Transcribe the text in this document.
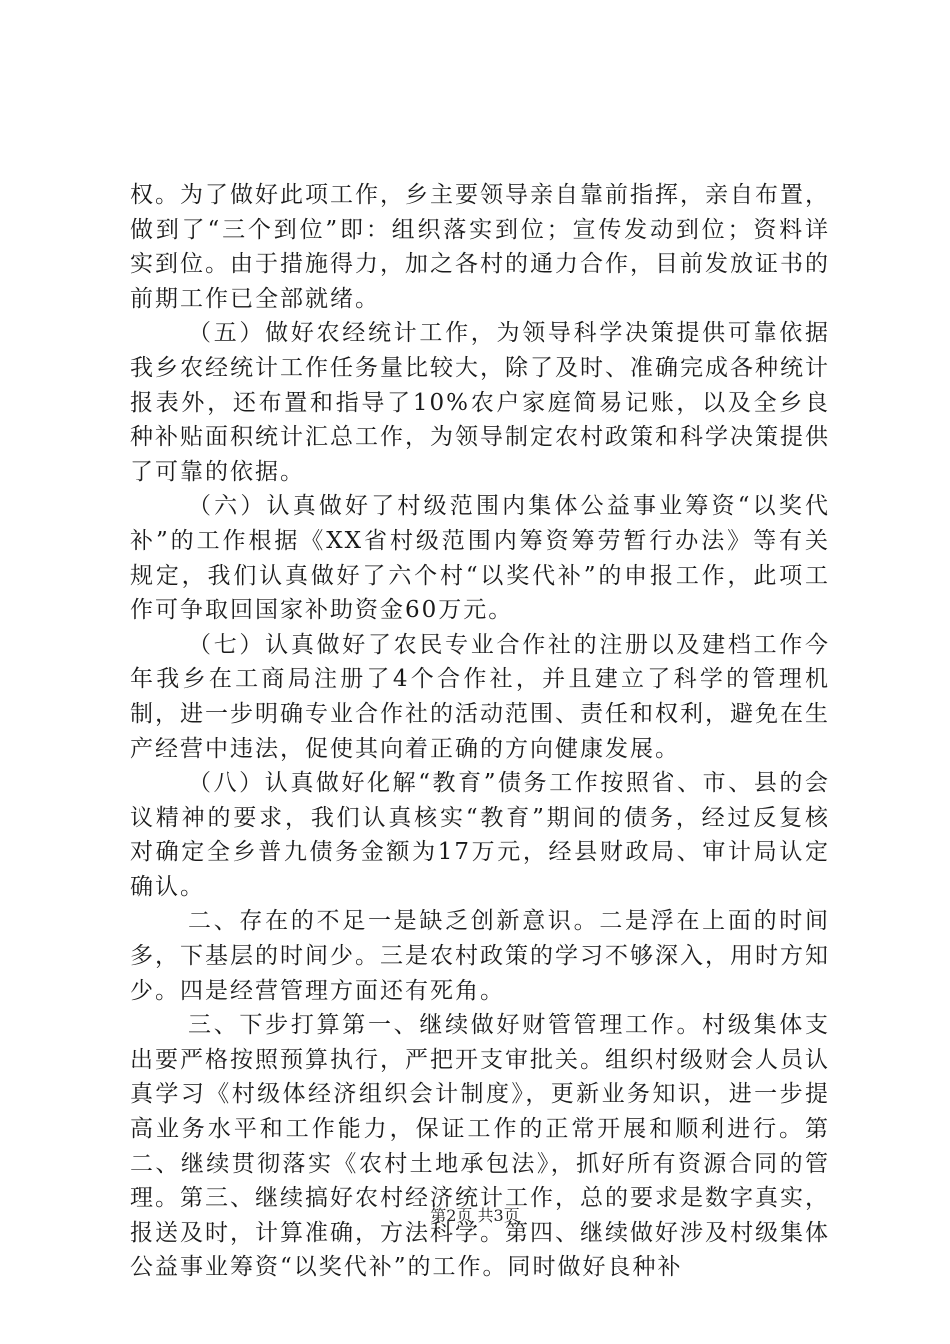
权。为了做好此项工作，乡主要领导亲自靠前指挥，亲自布置，做到了“三个到位”即：组织落实到位；宣传发动到位；资料详实到位。由于措施得力，加之各村的通力合作，目前发放证书的前期工作已全部就绪。

（五）做好农经统计工作，为领导科学决策提供可靠依据我乡农经统计工作任务量比较大，除了及时、准确完成各种统计报表外，还布置和指导了10%农户家庭简易记账，以及全乡良种补贴面积统计汇总工作，为领导制定农村政策和科学决策提供了可靠的依据。

（六）认真做好了村级范围内集体公益事业筹资“以奖代补”的工作根据《XX省村级范围内筹资筹劳暂行办法》等有关规定，我们认真做好了六个村“以奖代补”的申报工作，此项工作可争取回国家补助资金60万元。

（七）认真做好了农民专业合作社的注册以及建档工作今年我乡在工商局注册了4个合作社，并且建立了科学的管理机制，进一步明确专业合作社的活动范围、责任和权利，避免在生产经营中违法，促使其向着正确的方向健康发展。

（八）认真做好化解“教育”债务工作按照省、市、县的会议精神的要求，我们认真核实“教育”期间的债务，经过反复核对确定全乡普九债务金额为17万元，经县财政局、审计局认定确认。

二、存在的不足一是缺乏创新意识。二是浮在上面的时间多，下基层的时间少。三是农村政策的学习不够深入，用时方知少。四是经营管理方面还有死角。

三、下步打算第一、继续做好财管管理工作。村级集体支出要严格按照预算执行，严把开支审批关。组织村级财会人员认真学习《村级体经济组织会计制度》，更新业务知识，进一步提高业务水平和工作能力，保证工作的正常开展和顺利进行。第二、继续贯彻落实《农村土地承包法》，抓好所有资源合同的管理。第三、继续搞好农村经济统计工作，总的要求是数字真实，报送及时，计算准确，方法科学。第四、继续做好涉及村级集体公益事业筹资“以奖代补”的工作。同时做好良种补

第2页 共3页
